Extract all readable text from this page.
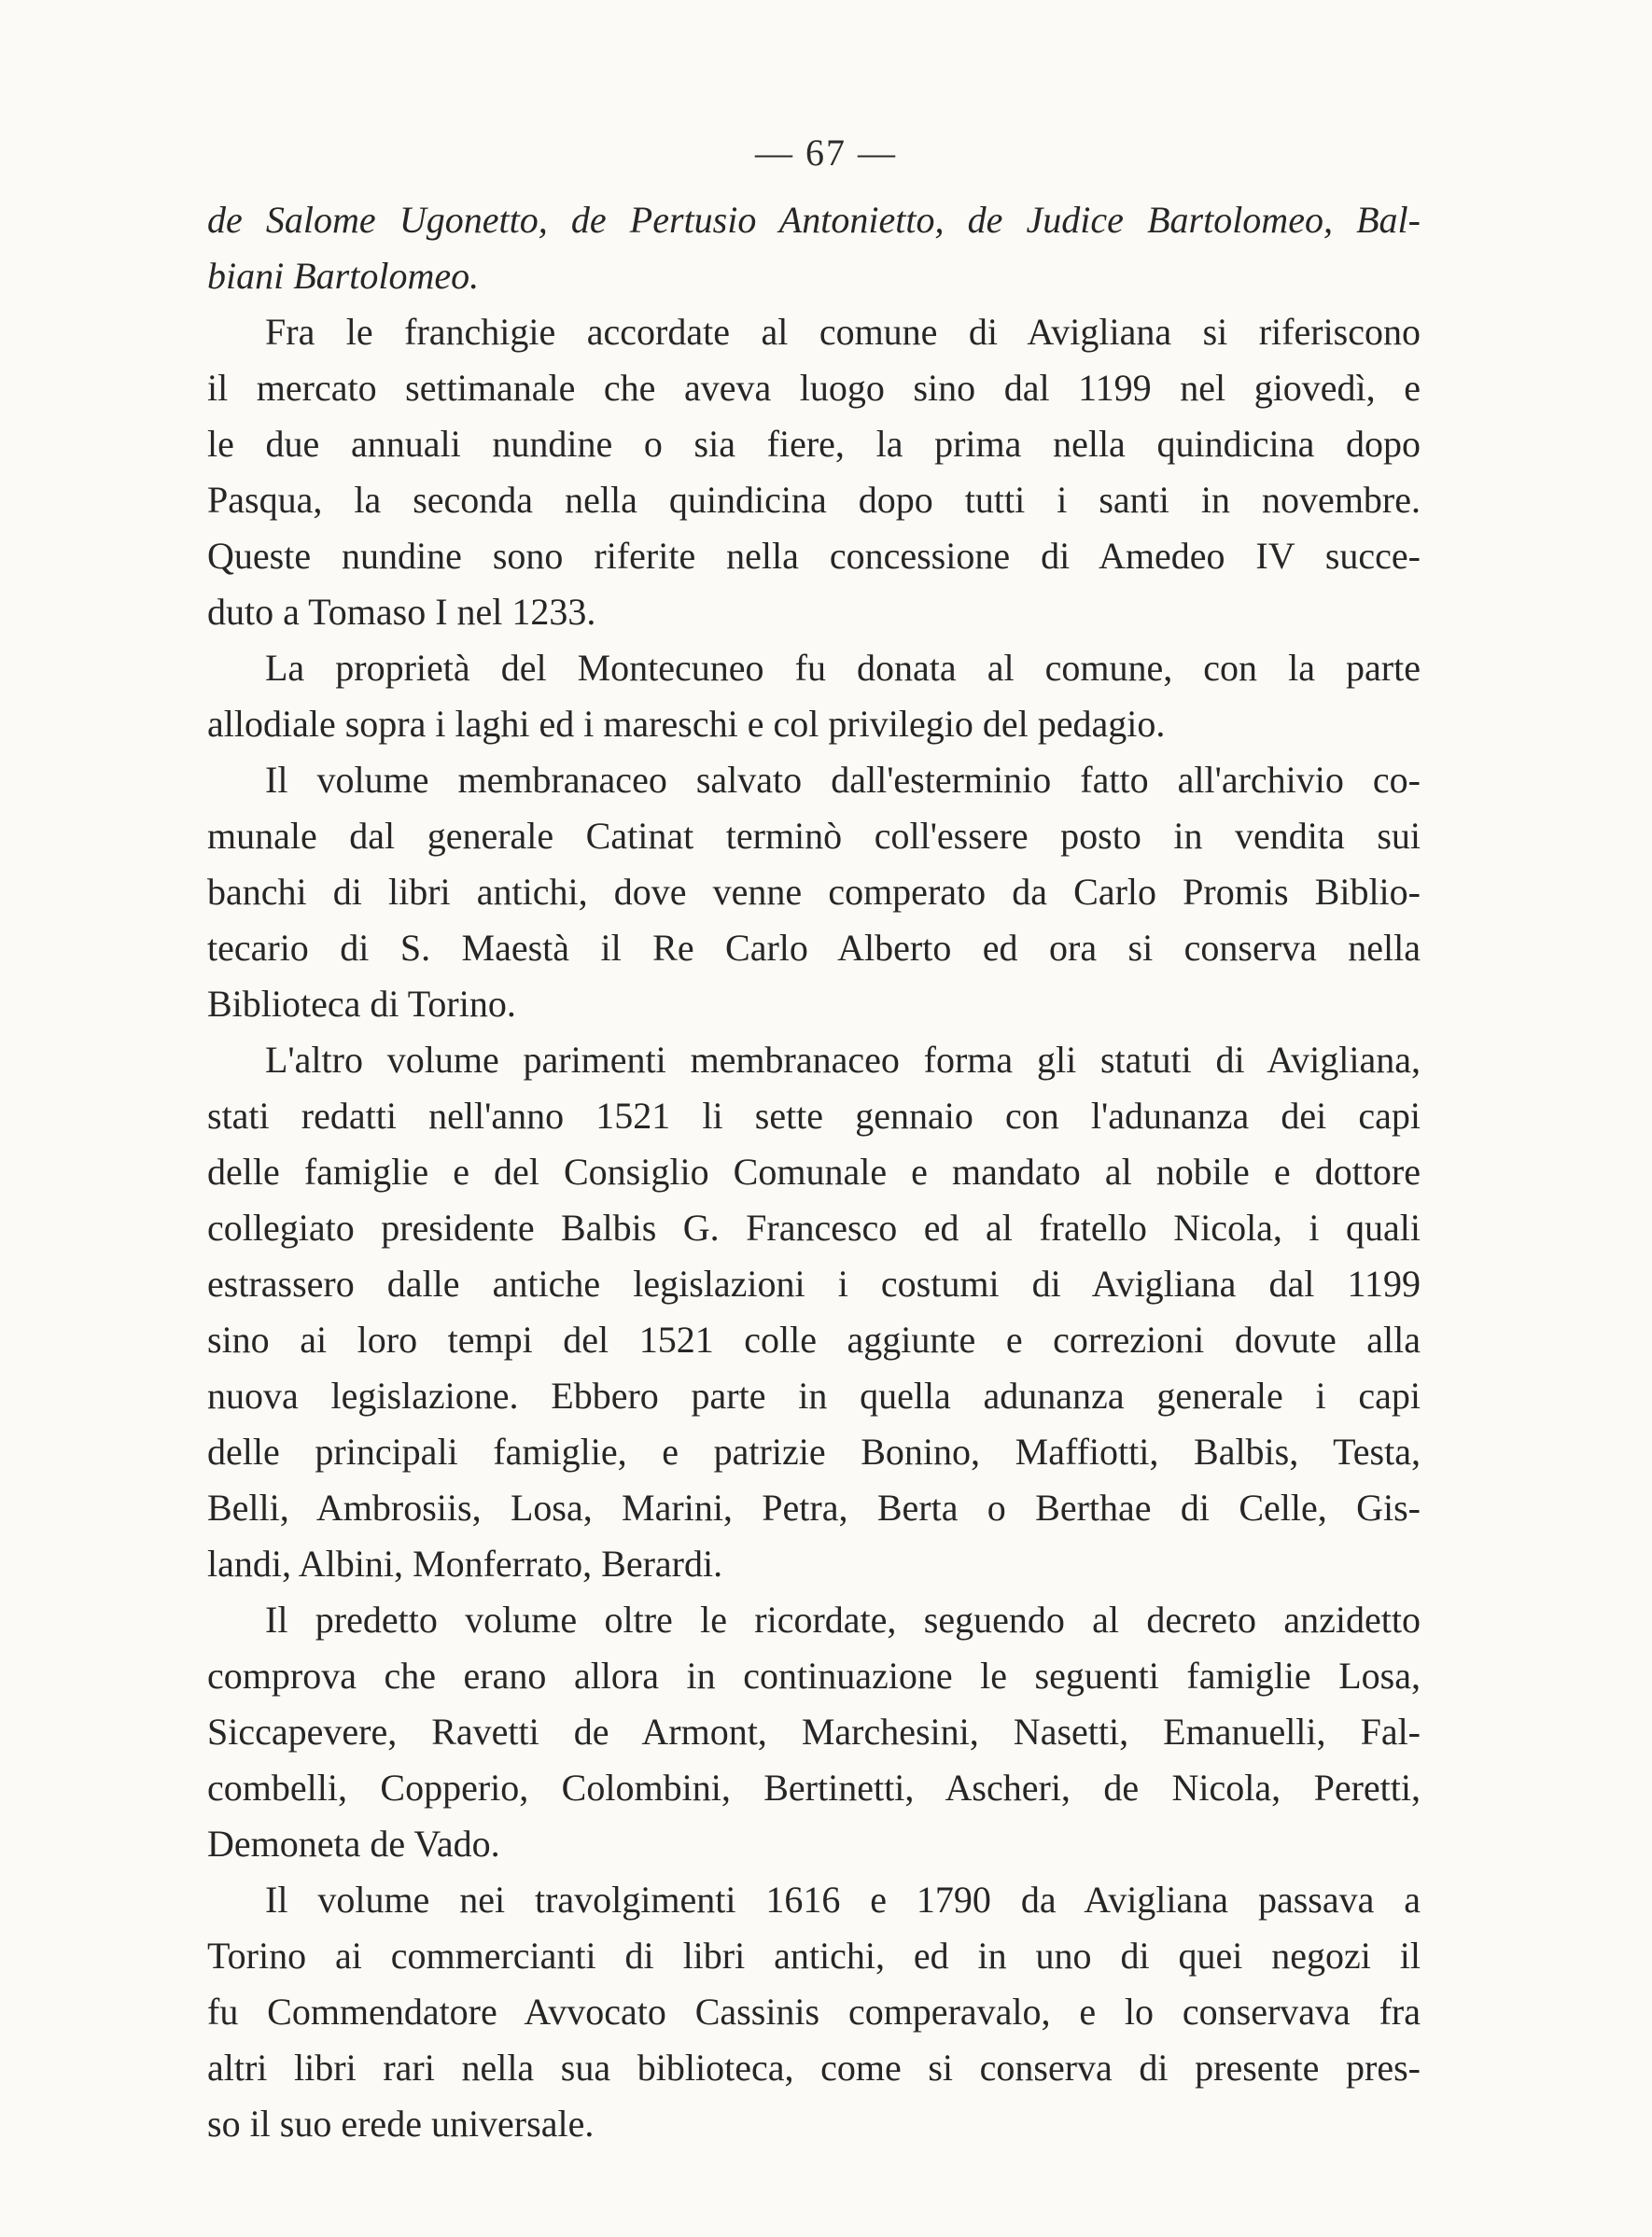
— 67 —
de Salome Ugonetto, de Pertusio Antonietto, de Judice Bartolomeo, Bal-
biani Bartolomeo.
Fra le franchigie accordate al comune di Avigliana si riferiscono
il mercato settimanale che aveva luogo sino dal 1199 nel giovedì, e
le due annuali nundine o sia fiere, la prima nella quindicina dopo
Pasqua, la seconda nella quindicina dopo tutti i santi in novembre.
Queste nundine sono riferite nella concessione di Amedeo IV succe-
duto a Tomaso I nel 1233.
La proprietà del Montecuneo fu donata al comune, con la parte
allodiale sopra i laghi ed i mareschi e col privilegio del pedagio.
Il volume membranaceo salvato dall'esterminio fatto all'archivio co-
munale dal generale Catinat terminò coll'essere posto in vendita sui
banchi di libri antichi, dove venne comperato da Carlo Promis Biblio-
tecario di S. Maestà il Re Carlo Alberto ed ora si conserva nella
Biblioteca di Torino.
L'altro volume parimenti membranaceo forma gli statuti di Avigliana,
stati redatti nell'anno 1521 li sette gennaio con l'adunanza dei capi
delle famiglie e del Consiglio Comunale e mandato al nobile e dottore
collegiato presidente Balbis G. Francesco ed al fratello Nicola, i quali
estrassero dalle antiche legislazioni i costumi di Avigliana dal 1199
sino ai loro tempi del 1521 colle aggiunte e correzioni dovute alla
nuova legislazione. Ebbero parte in quella adunanza generale i capi
delle principali famiglie, e patrizie Bonino, Maffiotti, Balbis, Testa,
Belli, Ambrosiis, Losa, Marini, Petra, Berta o Berthae di Celle, Gis-
landi, Albini, Monferrato, Berardi.
Il predetto volume oltre le ricordate, seguendo al decreto anzidetto
comprova che erano allora in continuazione le seguenti famiglie Losa,
Siccapevere, Ravetti de Armont, Marchesini, Nasetti, Emanuelli, Fal-
combelli, Copperio, Colombini, Bertinetti, Ascheri, de Nicola, Peretti,
Demoneta de Vado.
Il volume nei travolgimenti 1616 e 1790 da Avigliana passava a
Torino ai commercianti di libri antichi, ed in uno di quei negozi il
fu Commendatore Avvocato Cassinis comperavalo, e lo conservava fra
altri libri rari nella sua biblioteca, come si conserva di presente pres-
so il suo erede universale.
